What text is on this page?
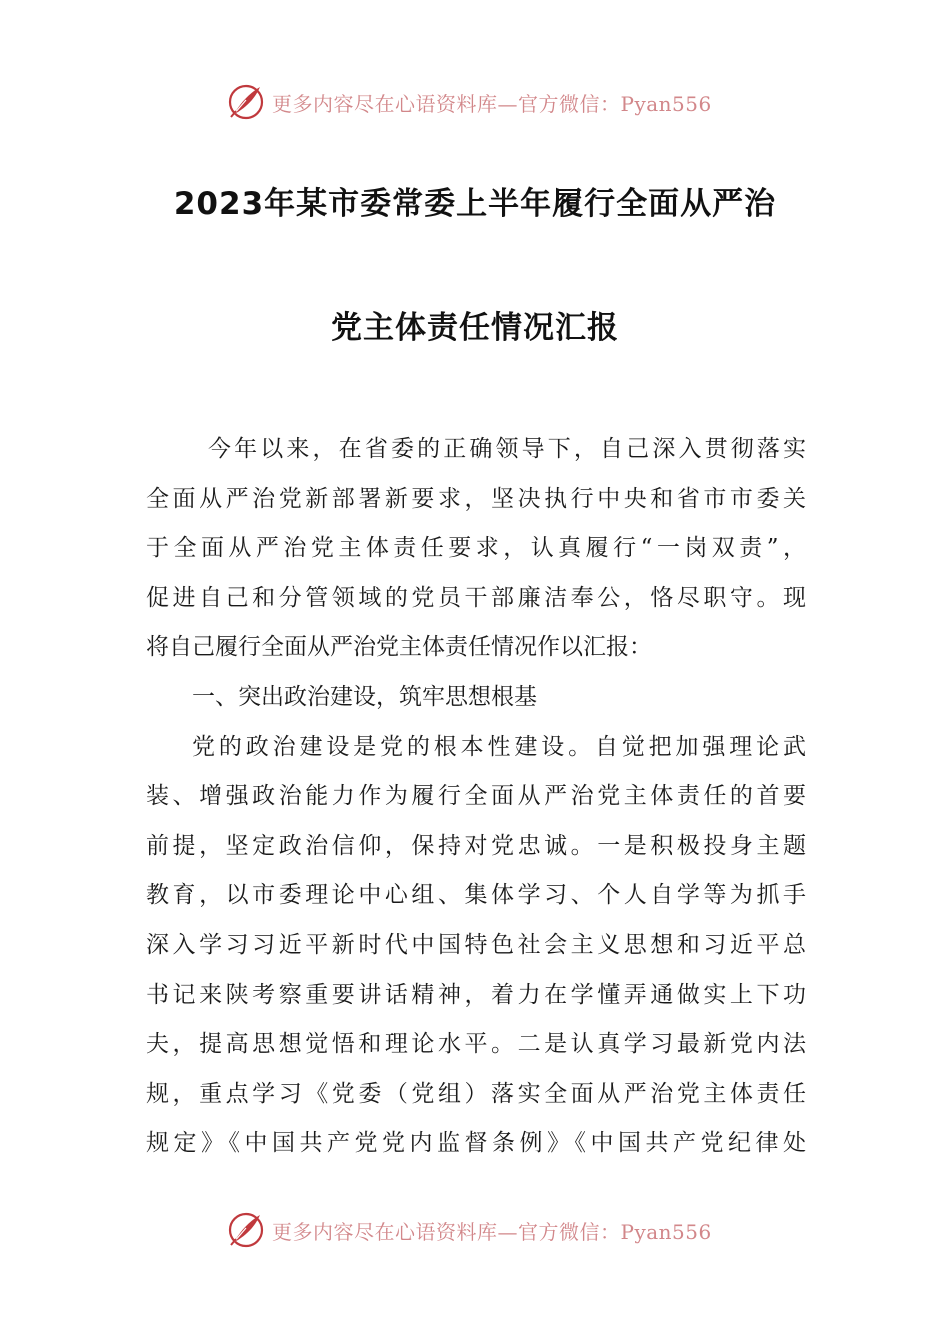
更多内容尽在心语资料库—官方微信：Pyan556
2023年某市委常委上半年履行全面从严治
党主体责任情况汇报
今年以来，在省委的正确领导下，自己深入贯彻落实
全面从严治党新部署新要求，坚决执行中央和省市市委关
于全面从严治党主体责任要求，认真履行“一岗双责”，
促进自己和分管领域的党员干部廉洁奉公，恪尽职守。现
将自己履行全面从严治党主体责任情况作以汇报：
一、突出政治建设，筑牢思想根基
党的政治建设是党的根本性建设。自觉把加强理论武
装、增强政治能力作为履行全面从严治党主体责任的首要
前提，坚定政治信仰，保持对党忠诚。一是积极投身主题
教育，以市委理论中心组、集体学习、个人自学等为抓手
深入学习习近平新时代中国特色社会主义思想和习近平总
书记来陕考察重要讲话精神，着力在学懂弄通做实上下功
夫，提高思想觉悟和理论水平。二是认真学习最新党内法
规，重点学习《党委（党组）落实全面从严治党主体责任
规定》《中国共产党党内监督条例》《中国共产党纪律处
更多内容尽在心语资料库—官方微信：Pyan556
